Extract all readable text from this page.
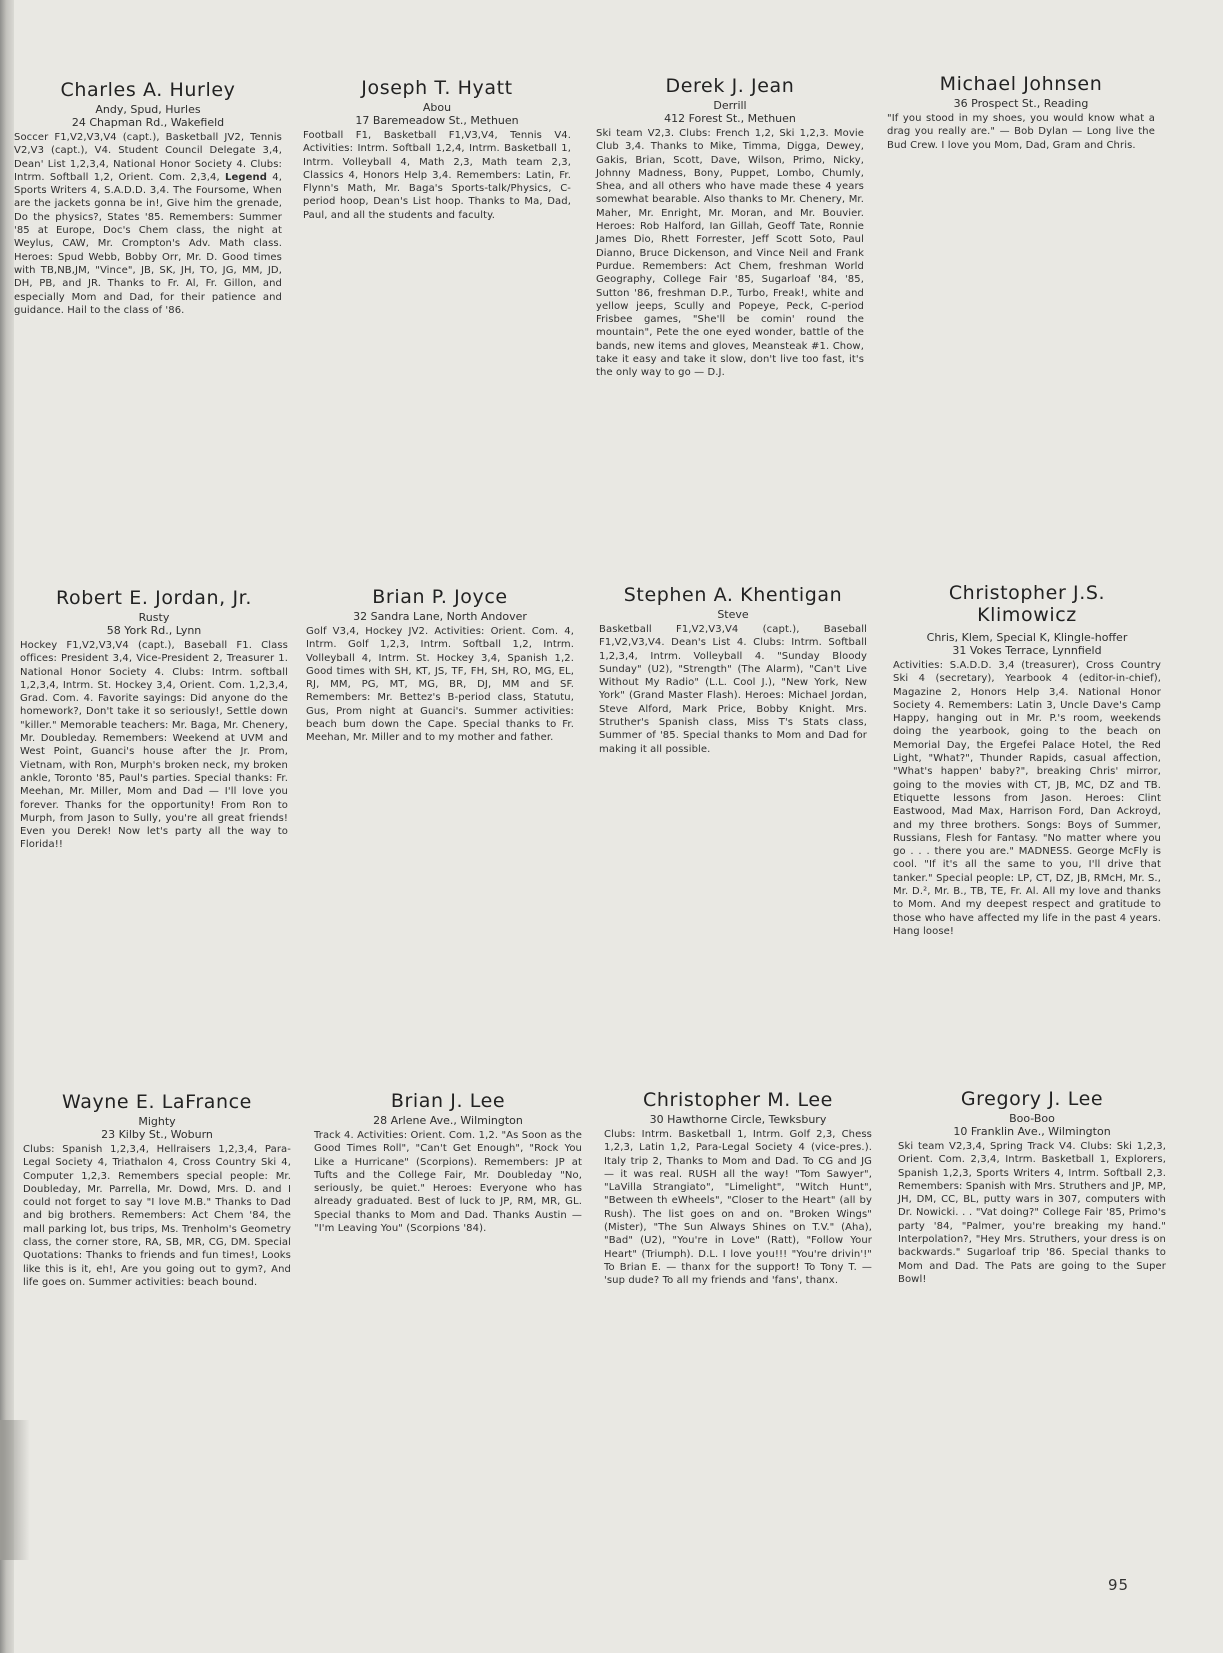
Charles A. Hurley

Andy, Spud, Hurles

24 Chapman Rd., Wakefield

Soccer F1,V2,V3,V4 (capt.), Basketball JV2, Tennis V2,V3 (capt.), V4. Student Council Delegate 3,4, Dean' List 1,2,3,4, National Honor Society 4. Clubs: Intrm. Softball 1,2, Orient. Com. 2,3,4, Legend 4, Sports Writers 4, S.A.D.D. 3,4. The Foursome, When are the jackets gonna be in!, Give him the grenade, Do the physics?, States '85. Remembers: Summer '85 at Europe, Doc's Chem class, the night at Weylus, CAW, Mr. Crompton's Adv. Math class. Heroes: Spud Webb, Bobby Orr, Mr. D. Good times with TB,NB,JM, "Vince", JB, SK, JH, TO, JG, MM, JD, DH, PB, and JR. Thanks to Fr. Al, Fr. Gillon, and especially Mom and Dad, for their patience and guidance. Hail to the class of '86.

Joseph T. Hyatt

Abou

17 Baremeadow St., Methuen

Football F1, Basketball F1,V3,V4, Tennis V4. Activities: Intrm. Softball 1,2,4, Intrm. Basketball 1, Intrm. Volleyball 4, Math 2,3, Math team 2,3, Classics 4, Honors Help 3,4. Remembers: Latin, Fr. Flynn's Math, Mr. Baga's Sports-talk/Physics, C-period hoop, Dean's List hoop. Thanks to Ma, Dad, Paul, and all the students and faculty.

Derek J. Jean

Derrill

412 Forest St., Methuen

Ski team V2,3. Clubs: French 1,2, Ski 1,2,3. Movie Club 3,4. Thanks to Mike, Timma, Digga, Dewey, Gakis, Brian, Scott, Dave, Wilson, Primo, Nicky, Johnny Madness, Bony, Puppet, Lombo, Chumly, Shea, and all others who have made these 4 years somewhat bearable. Also thanks to Mr. Chenery, Mr. Maher, Mr. Enright, Mr. Moran, and Mr. Bouvier. Heroes: Rob Halford, Ian Gillah, Geoff Tate, Ronnie James Dio, Rhett Forrester, Jeff Scott Soto, Paul Dianno, Bruce Dickenson, and Vince Neil and Frank Purdue. Remembers: Act Chem, freshman World Geography, College Fair '85, Sugarloaf '84, '85, Sutton '86, freshman D.P., Turbo, Freak!, white and yellow jeeps, Scully and Popeye, Peck, C-period Frisbee games, "She'll be comin' round the mountain", Pete the one eyed wonder, battle of the bands, new items and gloves, Meansteak #1. Chow, take it easy and take it slow, don't live too fast, it's the only way to go — D.J.

Michael Johnsen

36 Prospect St., Reading

"If you stood in my shoes, you would know what a drag you really are." — Bob Dylan — Long live the Bud Crew. I love you Mom, Dad, Gram and Chris.

Robert E. Jordan, Jr.

Rusty

58 York Rd., Lynn

Hockey F1,V2,V3,V4 (capt.), Baseball F1. Class offices: President 3,4, Vice-President 2, Treasurer 1. National Honor Society 4. Clubs: Intrm. softball 1,2,3,4, Intrm. St. Hockey 3,4, Orient. Com. 1,2,3,4, Grad. Com. 4. Favorite sayings: Did anyone do the homework?, Don't take it so seriously!, Settle down "killer." Memorable teachers: Mr. Baga, Mr. Chenery, Mr. Doubleday. Remembers: Weekend at UVM and West Point, Guanci's house after the Jr. Prom, Vietnam, with Ron, Murph's broken neck, my broken ankle, Toronto '85, Paul's parties. Special thanks: Fr. Meehan, Mr. Miller, Mom and Dad — I'll love you forever. Thanks for the opportunity! From Ron to Murph, from Jason to Sully, you're all great friends! Even you Derek! Now let's party all the way to Florida!!

Brian P. Joyce

32 Sandra Lane, North Andover

Golf V3,4, Hockey JV2. Activities: Orient. Com. 4, Intrm. Golf 1,2,3, Intrm. Softball 1,2, Intrm. Volleyball 4, Intrm. St. Hockey 3,4, Spanish 1,2. Good times with SH, KT, JS, TF, FH, SH, RO, MG, EL, RJ, MM, PG, MT, MG, BR, DJ, MM and SF. Remembers: Mr. Bettez's B-period class, Statutu, Gus, Prom night at Guanci's. Summer activities: beach bum down the Cape. Special thanks to Fr. Meehan, Mr. Miller and to my mother and father.

Stephen A. Khentigan

Steve

Basketball F1,V2,V3,V4 (capt.), Baseball F1,V2,V3,V4. Dean's List 4. Clubs: Intrm. Softball 1,2,3,4, Intrm. Volleyball 4. "Sunday Bloody Sunday" (U2), "Strength" (The Alarm), "Can't Live Without My Radio" (L.L. Cool J.), "New York, New York" (Grand Master Flash). Heroes: Michael Jordan, Steve Alford, Mark Price, Bobby Knight. Mrs. Struther's Spanish class, Miss T's Stats class, Summer of '85. Special thanks to Mom and Dad for making it all possible.

Christopher J.S. Klimowicz

Chris, Klem, Special K, Klingle-hoffer

31 Vokes Terrace, Lynnfield

Activities: S.A.D.D. 3,4 (treasurer), Cross Country Ski 4 (secretary), Yearbook 4 (editor-in-chief), Magazine 2, Honors Help 3,4. National Honor Society 4. Remembers: Latin 3, Uncle Dave's Camp Happy, hanging out in Mr. P.'s room, weekends doing the yearbook, going to the beach on Memorial Day, the Ergefei Palace Hotel, the Red Light, "What?", Thunder Rapids, casual affection, "What's happen' baby?", breaking Chris' mirror, going to the movies with CT, JB, MC, DZ and TB. Etiquette lessons from Jason. Heroes: Clint Eastwood, Mad Max, Harrison Ford, Dan Ackroyd, and my three brothers. Songs: Boys of Summer, Russians, Flesh for Fantasy. "No matter where you go . . . there you are." MADNESS. George McFly is cool. "If it's all the same to you, I'll drive that tanker." Special people: LP, CT, DZ, JB, RMcH, Mr. S., Mr. D.², Mr. B., TB, TE, Fr. Al. All my love and thanks to Mom. And my deepest respect and gratitude to those who have affected my life in the past 4 years. Hang loose!

Wayne E. LaFrance

Mighty

23 Kilby St., Woburn

Clubs: Spanish 1,2,3,4, Hellraisers 1,2,3,4, Para-Legal Society 4, Triathalon 4, Cross Country Ski 4, Computer 1,2,3. Remembers special people: Mr. Doubleday, Mr. Parrella, Mr. Dowd, Mrs. D. and I could not forget to say "I love M.B." Thanks to Dad and big brothers. Remembers: Act Chem '84, the mall parking lot, bus trips, Ms. Trenholm's Geometry class, the corner store, RA, SB, MR, CG, DM. Special Quotations: Thanks to friends and fun times!, Looks like this is it, eh!, Are you going out to gym?, And life goes on. Summer activities: beach bound.

Brian J. Lee

28 Arlene Ave., Wilmington

Track 4. Activities: Orient. Com. 1,2. "As Soon as the Good Times Roll", "Can't Get Enough", "Rock You Like a Hurricane" (Scorpions). Remembers: JP at Tufts and the College Fair, Mr. Doubleday "No, seriously, be quiet." Heroes: Everyone who has already graduated. Best of luck to JP, RM, MR, GL. Special thanks to Mom and Dad. Thanks Austin — "I'm Leaving You" (Scorpions '84).

Christopher M. Lee

30 Hawthorne Circle, Tewksbury

Clubs: Intrm. Basketball 1, Intrm. Golf 2,3, Chess 1,2,3, Latin 1,2, Para-Legal Society 4 (vice-pres.). Italy trip 2, Thanks to Mom and Dad. To CG and JG — it was real. RUSH all the way! "Tom Sawyer", "LaVilla Strangiato", "Limelight", "Witch Hunt", "Between th eWheels", "Closer to the Heart" (all by Rush). The list goes on and on. "Broken Wings" (Mister), "The Sun Always Shines on T.V." (Aha), "Bad" (U2), "You're in Love" (Ratt), "Follow Your Heart" (Triumph). D.L. I love you!!! "You're drivin'!" To Brian E. — thanx for the support! To Tony T. — 'sup dude? To all my friends and 'fans', thanx.

Gregory J. Lee

Boo-Boo

10 Franklin Ave., Wilmington

Ski team V2,3,4, Spring Track V4. Clubs: Ski 1,2,3, Orient. Com. 2,3,4, Intrm. Basketball 1, Explorers, Spanish 1,2,3, Sports Writers 4, Intrm. Softball 2,3. Remembers: Spanish with Mrs. Struthers and JP, MP, JH, DM, CC, BL, putty wars in 307, computers with Dr. Nowicki. . . "Vat doing?" College Fair '85, Primo's party '84, "Palmer, you're breaking my hand." Interpolation?, "Hey Mrs. Struthers, your dress is on backwards." Sugarloaf trip '86. Special thanks to Mom and Dad. The Pats are going to the Super Bowl!

95
